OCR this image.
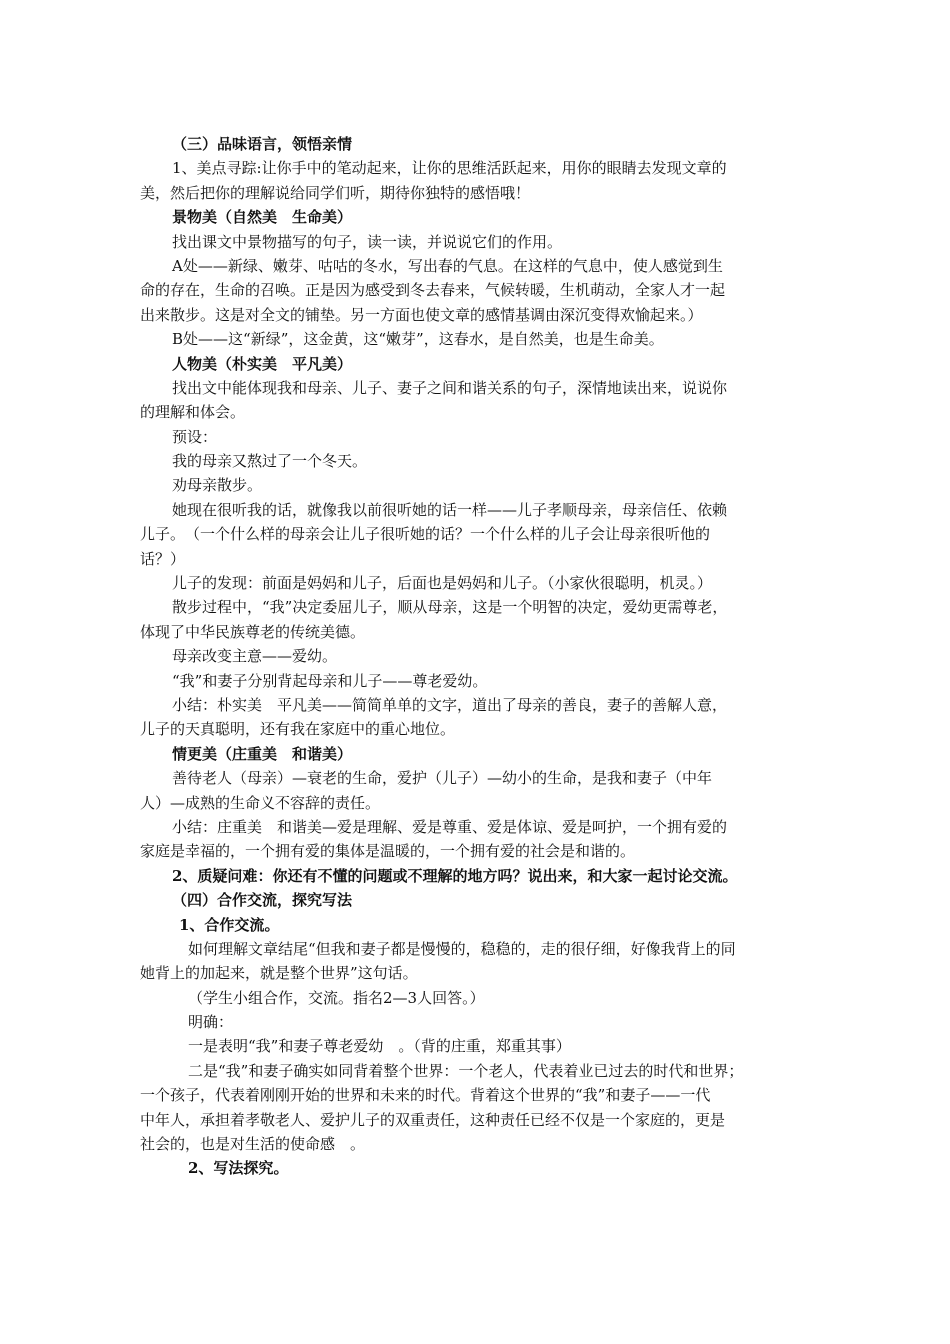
（三）品味语言，领悟亲情
1、美点寻踪:让你手中的笔动起来，让你的思维活跃起来，用你的眼睛去发现文章的
美，然后把你的理解说给同学们听，期待你独特的感悟哦！
景物美（自然美　生命美）
找出课文中景物描写的句子，读一读，并说说它们的作用。
A处——新绿、嫩芽、咕咕的冬水，写出春的气息。在这样的气息中，使人感觉到生
命的存在，生命的召唤。正是因为感受到冬去春来，气候转暖，生机萌动，全家人才一起
出来散步。这是对全文的铺垫。另一方面也使文章的感情基调由深沉变得欢愉起来。）
B处——这“新绿”，这金黄，这“嫩芽”，这春水，是自然美，也是生命美。
人物美（朴实美　平凡美）
找出文中能体现我和母亲、儿子、妻子之间和谐关系的句子，深情地读出来，说说你
的理解和体会。
预设：
我的母亲又熬过了一个冬天。
劝母亲散步。
她现在很听我的话，就像我以前很听她的话一样——儿子孝顺母亲，母亲信任、依赖
儿子。　（一个什么样的母亲会让儿子很听她的话？一个什么样的儿子会让母亲很听他的
话？）
儿子的发现：前面是妈妈和儿子，后面也是妈妈和儿子。（小家伙很聪明，机灵。）
散步过程中，“我”决定委屈儿子，顺从母亲，这是一个明智的决定，爱幼更需尊老，
体现了中华民族尊老的传统美德。
母亲改变主意——爱幼。
“我”和妻子分别背起母亲和儿子——尊老爱幼。
小结：朴实美　平凡美——简简单单的文字，道出了母亲的善良，妻子的善解人意，
儿子的天真聪明，还有我在家庭中的重心地位。
情更美（庄重美　和谐美）
善待老人（母亲）—衰老的生命，爱护（儿子）—幼小的生命，是我和妻子（中年
人）—成熟的生命义不容辞的责任。
小结：庄重美　和谐美—爱是理解、爱是尊重、爱是体谅、爱是呵护，一个拥有爱的
家庭是幸福的，一个拥有爱的集体是温暖的，一个拥有爱的社会是和谐的。
2、质疑问难：你还有不懂的问题或不理解的地方吗？说出来，和大家一起讨论交流。
（四）合作交流，探究写法
1、合作交流。
如何理解文章结尾“但我和妻子都是慢慢的，稳稳的，走的很仔细，好像我背上的同
她背上的加起来，就是整个世界”这句话。
（学生小组合作，交流。指名2—3人回答。）
明确：
一是表明“我”和妻子尊老爱幼　。（背的庄重，郑重其事）
二是“我”和妻子确实如同背着整个世界：一个老人，代表着业已过去的时代和世界；
一个孩子，代表着刚刚开始的世界和未来的时代。背着这个世界的“我”和妻子——一代
中年人，承担着孝敬老人、爱护儿子的双重责任，这种责任已经不仅是一个家庭的，更是
社会的，也是对生活的使命感　。
2、写法探究。
